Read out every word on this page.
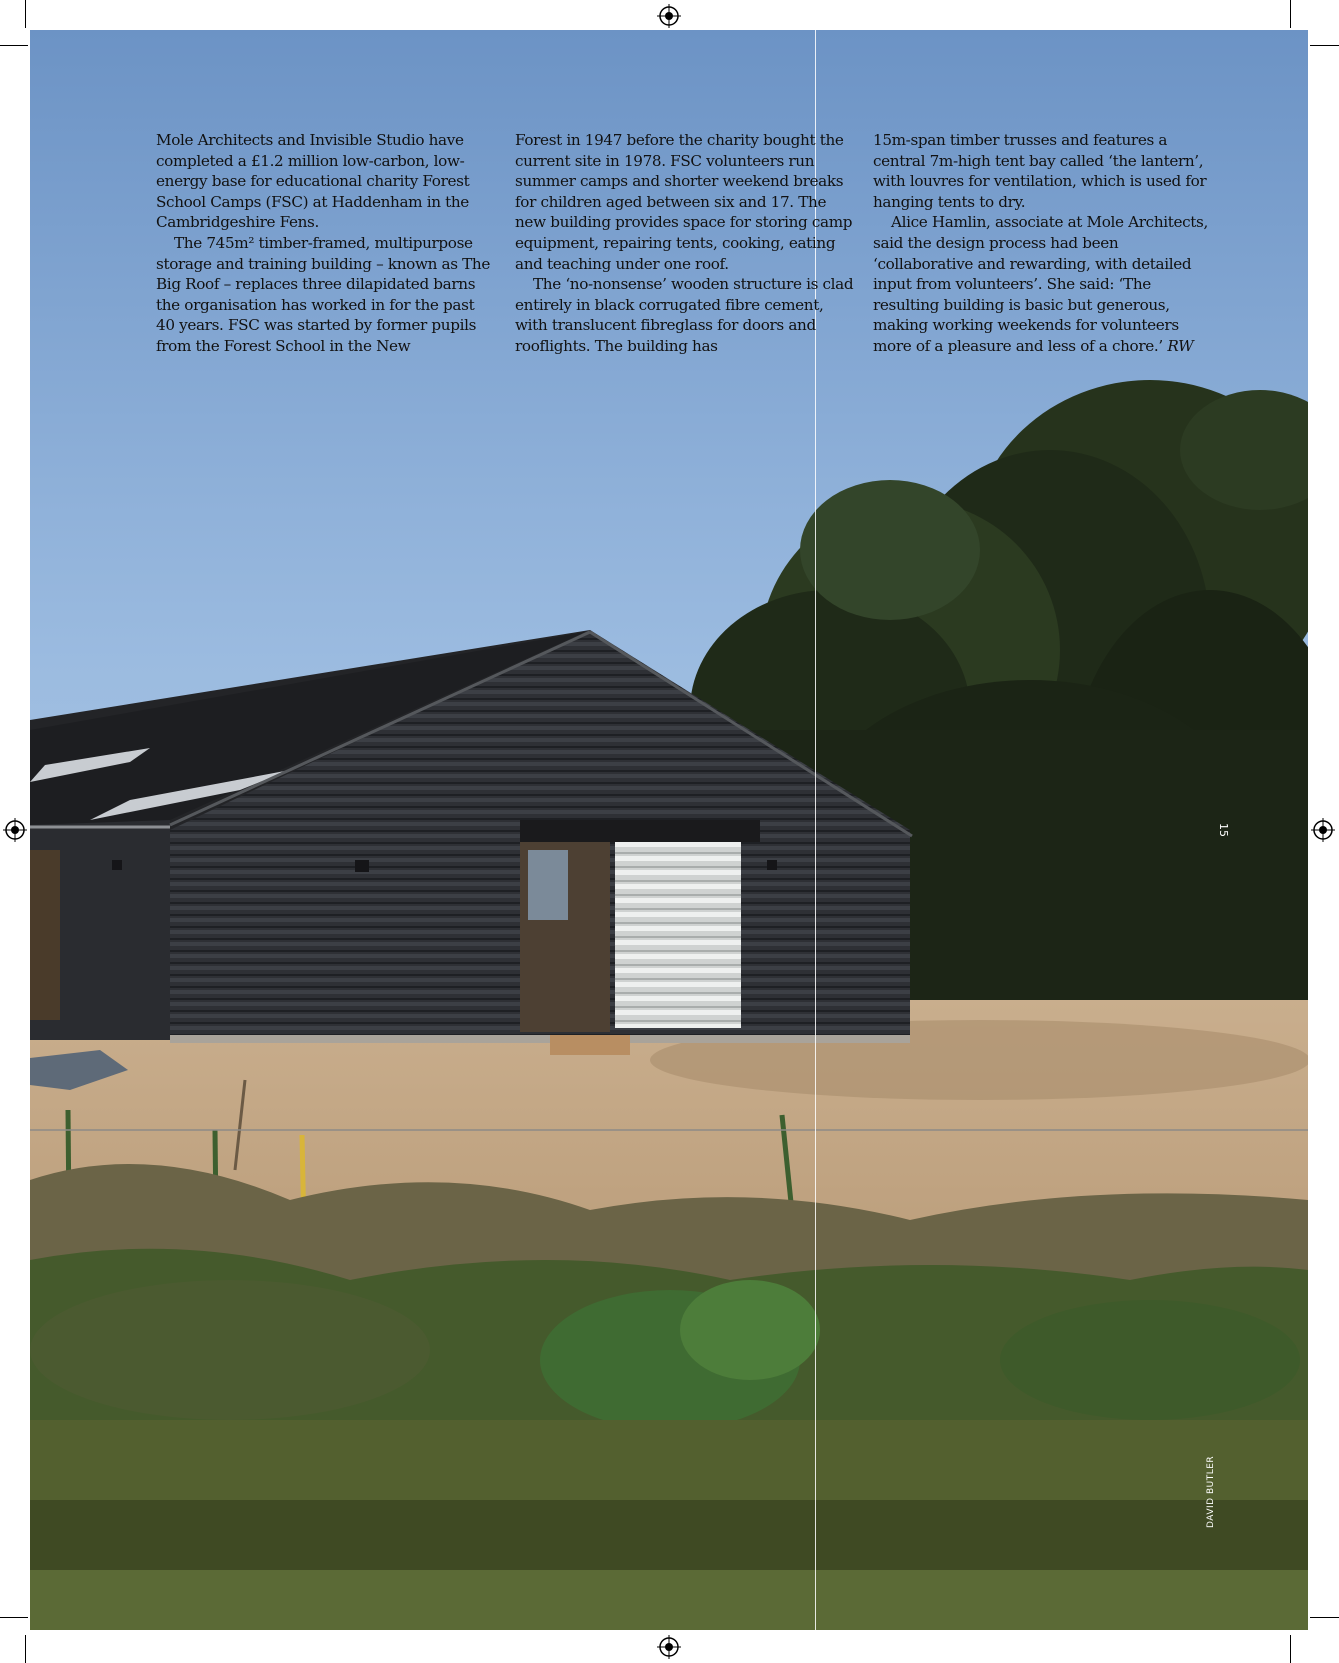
Mole Architects and Invisible Studio have completed a £1.2 million low-carbon, low-energy base for educational charity Forest School Camps (FSC) at Haddenham in the Cambridgeshire Fens.

The 745m² timber-framed, multipurpose storage and training building – known as The Big Roof – replaces three dilapidated barns the organisation has worked in for the past 40 years. FSC was started by former pupils from the Forest School in the New

Forest in 1947 before the charity bought the current site in 1978. FSC volunteers run summer camps and shorter weekend breaks for children aged between six and 17. The new building provides space for storing camp equipment, repairing tents, cooking, eating and teaching under one roof.

The ‘no-nonsense’ wooden structure is clad entirely in black corrugated fibre cement, with translucent fibreglass for doors and rooflights. The building has

15m-span timber trusses and features a central 7m-high tent bay called ‘the lantern’, with louvres for ventilation, which is used for hanging tents to dry.

Alice Hamlin, associate at Mole Architects, said the design process had been ‘collaborative and rewarding, with detailed input from volunteers’. She said: ‘The resulting building is basic but generous, making working weekends for volunteers more of a pleasure and less of a chore.’ RW

15
DAVID BUTLER
